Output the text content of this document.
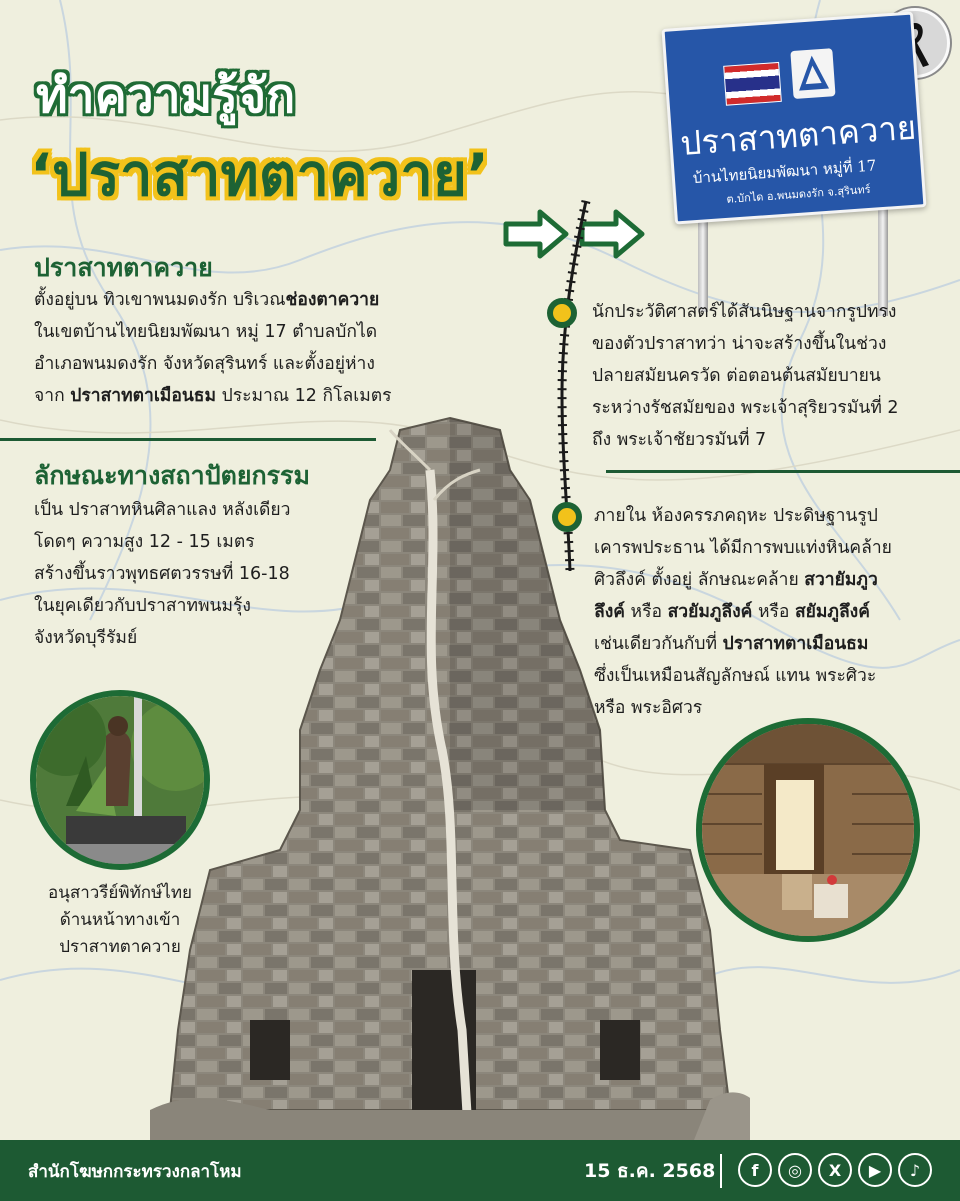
ปราสาทตาควาย
บ้านไทยนิยมพัฒนา หมู่ที่ 17
ต.บักได อ.พนมดงรัก จ.สุรินทร์
ทำความรู้จัก
‘ปราสาทตาควาย’
ปราสาทตาควาย
ตั้งอยู่บน ทิวเขาพนมดงรัก บริเวณช่องตาควาย
ในเขตบ้านไทยนิยมพัฒนา หมู่ 17 ตำบลบักได
อำเภอพนมดงรัก จังหวัดสุรินทร์ และตั้งอยู่ห่าง
จาก ปราสาทตาเมือนธม ประมาณ 12 กิโลเมตร
ลักษณะทางสถาปัตยกรรม
เป็น ปราสาทหินศิลาแลง หลังเดียว
โดดๆ ความสูง 12 - 15 เมตร
สร้างขึ้นราวพุทธศตวรรษที่ 16-18
ในยุคเดียวกับปราสาทพนมรุ้ง
จังหวัดบุรีรัมย์
นักประวัติศาสตร์ได้สันนิษฐานจากรูปทรง
ของตัวปราสาทว่า น่าจะสร้างขึ้นในช่วง
ปลายสมัยนครวัด ต่อตอนต้นสมัยบายน
ระหว่างรัชสมัยของ พระเจ้าสุริยวรมันที่ 2
ถึง พระเจ้าชัยวรมันที่ 7
ภายใน ห้องครรภคฤหะ ประดิษฐานรูป
เคารพประธาน ได้มีการพบแท่งหินคล้าย
ศิวลึงค์ ตั้งอยู่ ลักษณะคล้าย สวายัมภูว
ลึงค์ หรือ สวยัมภูลึงค์ หรือ สยัมภูลึงค์
เช่นเดียวกันกับที่ ปราสาทตาเมือนธม
ซึ่งเป็นเหมือนสัญลักษณ์ แทน พระศิวะ
หรือ พระอิศวร
อนุสาวรีย์พิทักษ์ไทย
ด้านหน้าทางเข้า
ปราสาทตาควาย
สำนักโฆษกกระทรวงกลาโหม	15 ธ.ค. 2568	f	◎	X	▶	♪
